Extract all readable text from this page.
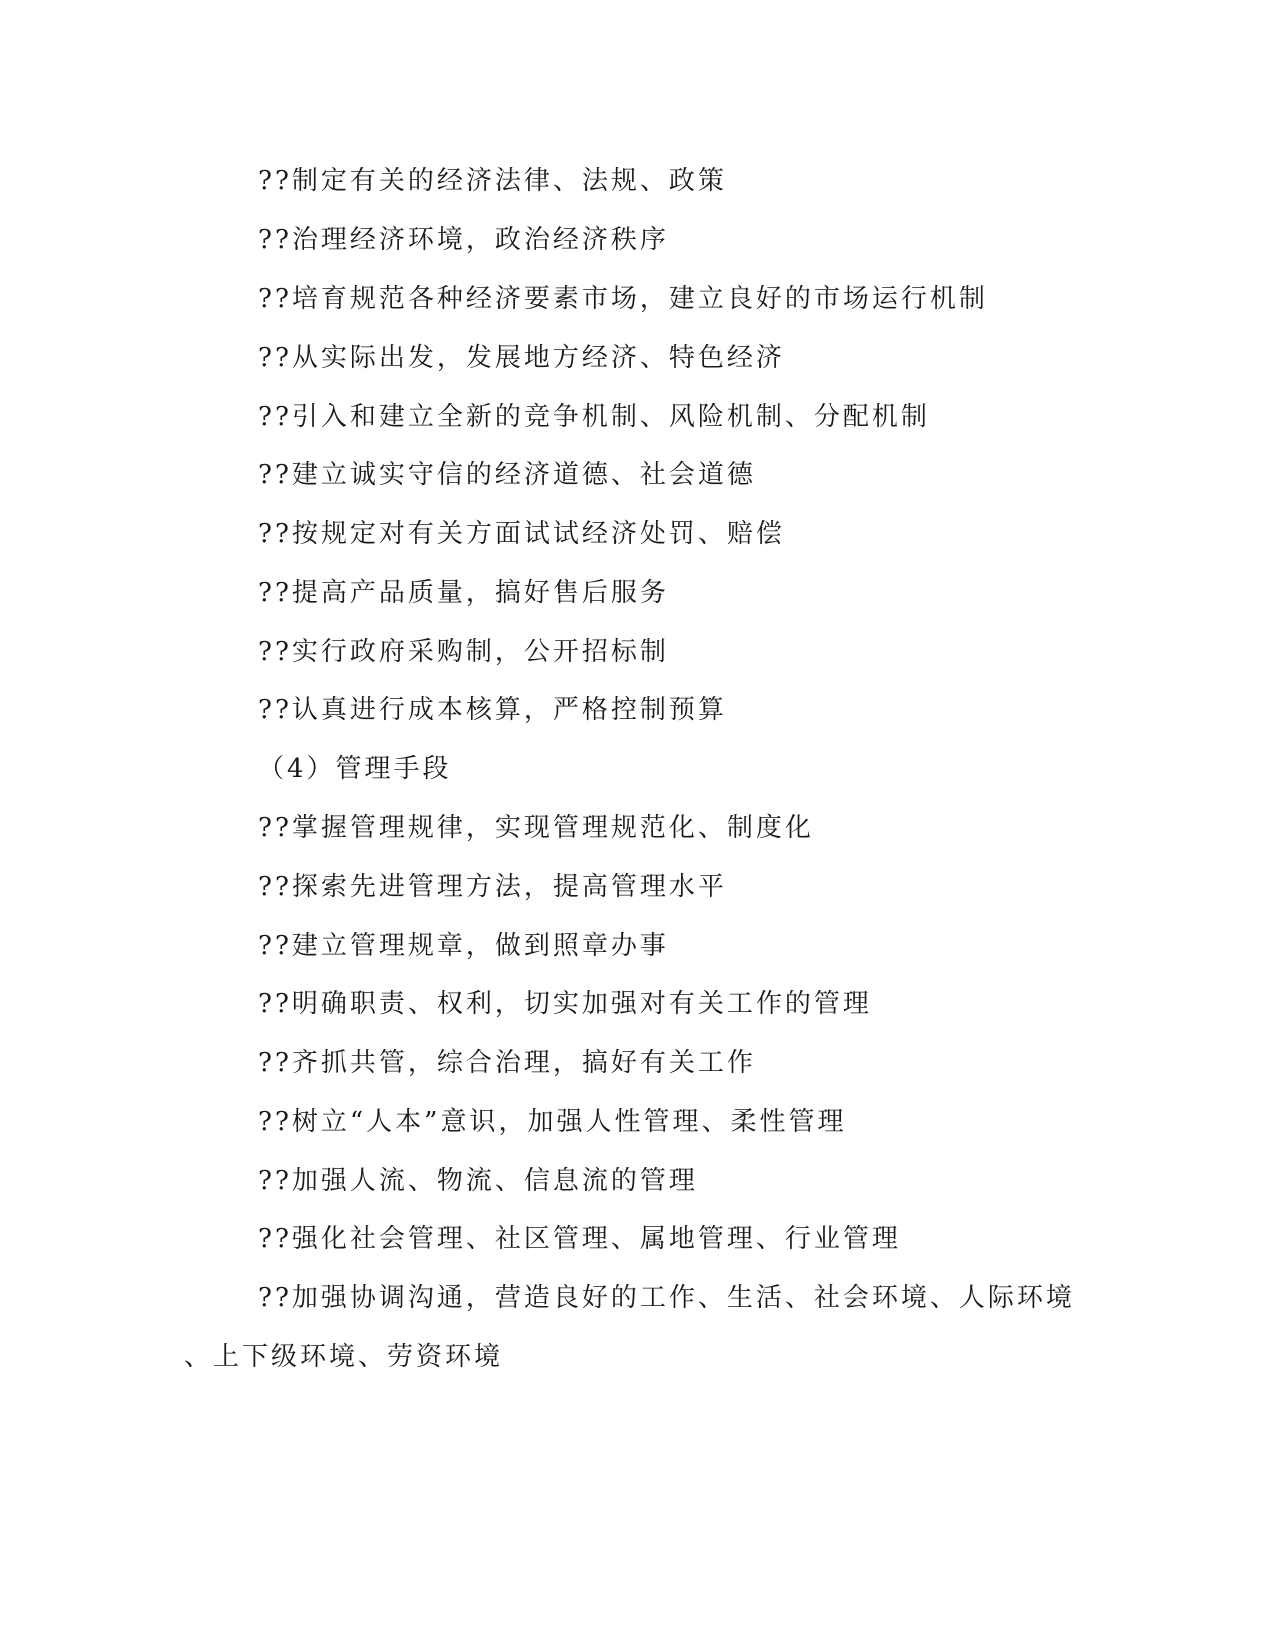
??制定有关的经济法律、法规、政策
??治理经济环境，政治经济秩序
??培育规范各种经济要素市场，建立良好的市场运行机制
??从实际出发，发展地方经济、特色经济
??引入和建立全新的竞争机制、风险机制、分配机制
??建立诚实守信的经济道德、社会道德
??按规定对有关方面试试经济处罚、赔偿
??提高产品质量，搞好售后服务
??实行政府采购制，公开招标制
??认真进行成本核算，严格控制预算
（4）管理手段
??掌握管理规律，实现管理规范化、制度化
??探索先进管理方法，提高管理水平
??建立管理规章，做到照章办事
??明确职责、权利，切实加强对有关工作的管理
??齐抓共管，综合治理，搞好有关工作
??树立“人本”意识，加强人性管理、柔性管理
??加强人流、物流、信息流的管理
??强化社会管理、社区管理、属地管理、行业管理
??加强协调沟通，营造良好的工作、生活、社会环境、人际环境
、上下级环境、劳资环境
